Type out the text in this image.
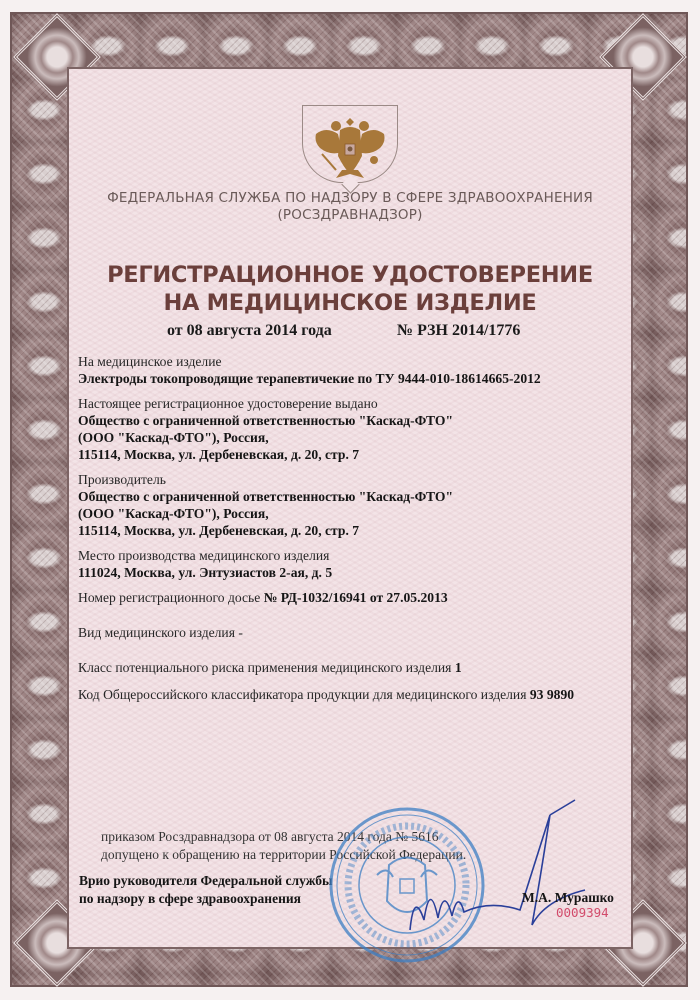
ФЕДЕРАЛЬНАЯ СЛУЖБА ПО НАДЗОРУ В СФЕРЕ ЗДРАВООХРАНЕНИЯ
(РОСЗДРАВНАДЗОР)
РЕГИСТРАЦИОННОЕ УДОСТОВЕРЕНИЕ
НА МЕДИЦИНСКОЕ ИЗДЕЛИЕ
от 08 августа 2014 года	№ РЗН 2014/1776
На медицинское изделие
Электроды токопроводящие терапевтичекие по ТУ 9444-010-18614665-2012
Настоящее регистрационное удостоверение выдано
Общество с ограниченной ответственностью "Каскад-ФТО"
(ООО "Каскад-ФТО"), Россия,
115114, Москва, ул. Дербеневская, д. 20, стр. 7
Производитель
Общество с ограниченной ответственностью "Каскад-ФТО"
(ООО "Каскад-ФТО"), Россия,
115114, Москва, ул. Дербеневская, д. 20, стр. 7
Место производства медицинского изделия
111024, Москва, ул. Энтузиастов 2-ая, д. 5
Номер регистрационного досье № РД-1032/16941 от 27.05.2013
Вид медицинского изделия -
Класс потенциального риска применения медицинского изделия 1
Код Общероссийского классификатора продукции для медицинского изделия 93 9890
приказом Росздравнадзора от 08 августа 2014 года № 5616
допущено к обращению на территории Российской Федерации.
Врио руководителя Федеральной службы
по надзору в сфере здравоохранения	М.А. Мурашко
0009394
